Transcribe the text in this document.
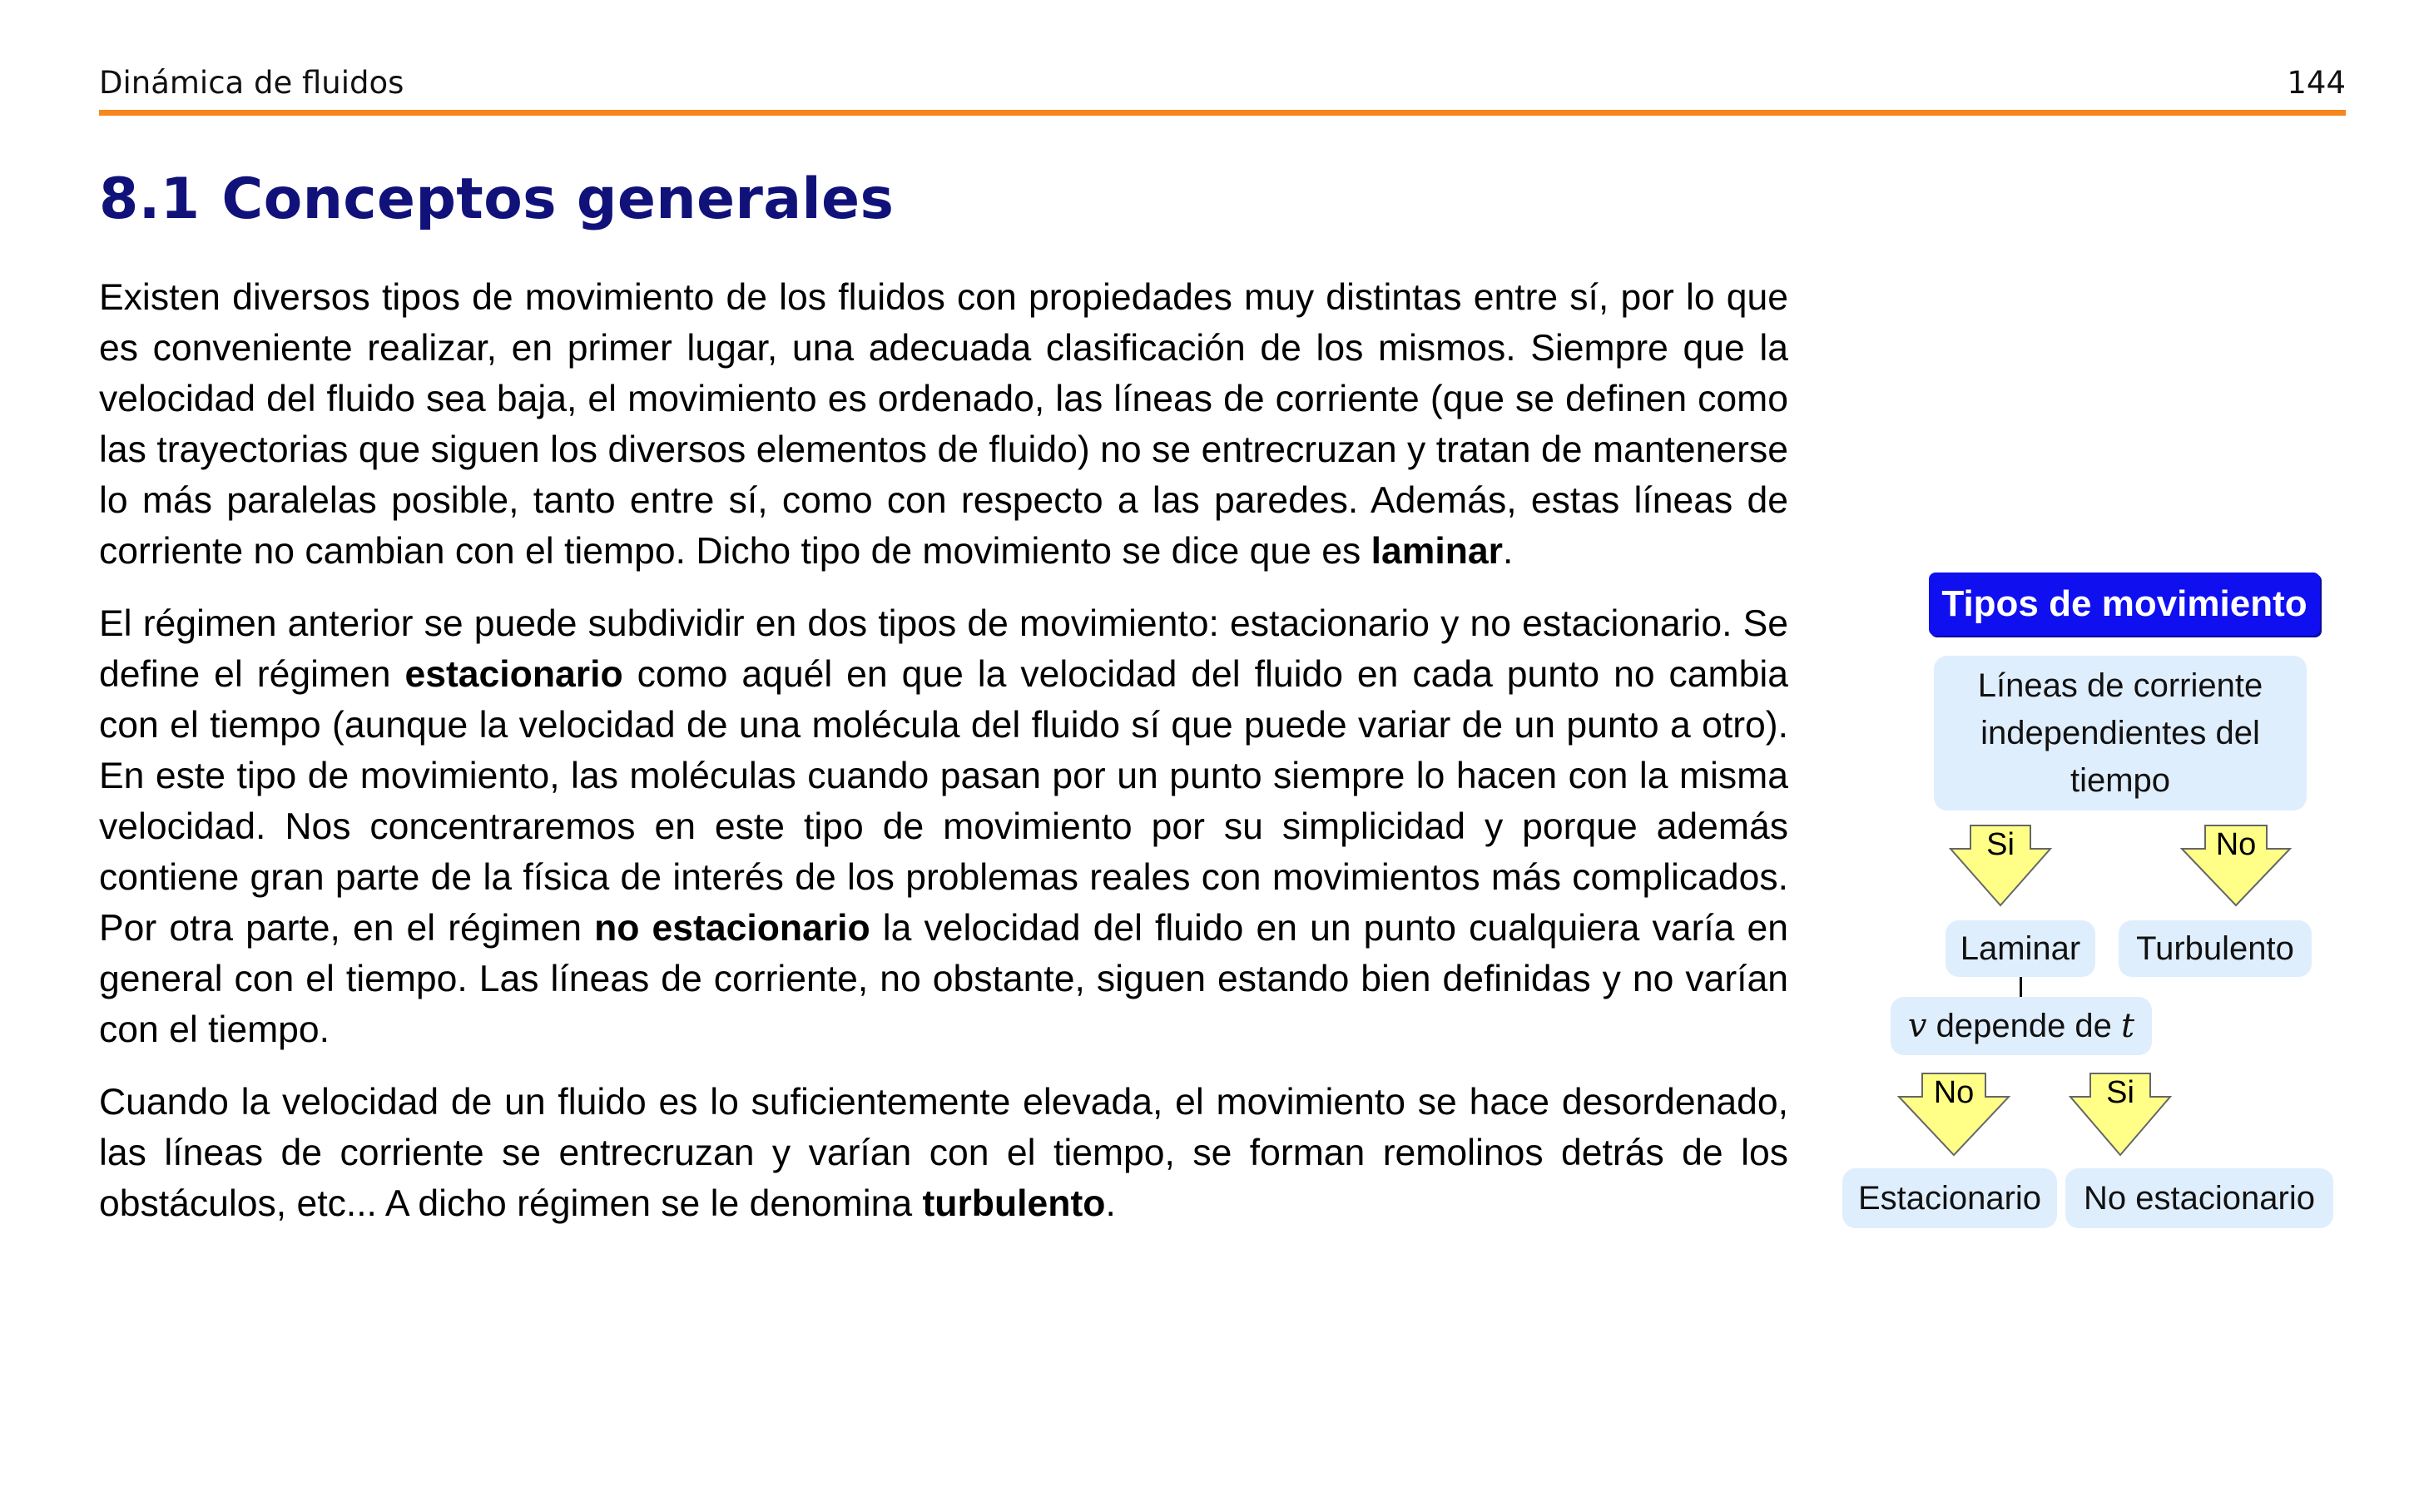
Dinámica de fluidos	144
8.1 Conceptos generales

Existen diversos tipos de movimiento de los fluidos con propiedades muy distintas entre sí, por lo que es conveniente realizar, en primer lugar, una adecuada clasificación de los mismos. Siempre que la velocidad del fluido sea baja, el movimiento es ordenado, las líneas de corriente (que se definen como las trayectorias que siguen los diversos elementos de fluido) no se entrecruzan y tratan de mantenerse lo más paralelas posible, tanto entre sí, como con respecto a las paredes. Además, estas líneas de corriente no cambian con el tiempo. Dicho tipo de movimiento se dice que es laminar.

El régimen anterior se puede subdividir en dos tipos de movimiento: estacionario y no estacionario. Se define el régimen estacionario como aquél en que la velocidad del fluido en cada punto no cambia con el tiempo (aunque la velocidad de una molécula del fluido sí que puede variar de un punto a otro). En este tipo de movimiento, las moléculas cuando pasan por un punto siempre lo hacen con la misma velocidad. Nos concentraremos en este tipo de movimiento por su simplicidad y porque además contiene gran parte de la física de interés de los problemas reales con movimientos más complicados. Por otra parte, en el régimen no estacionario la velocidad del fluido en un punto cualquiera varía en general con el tiempo. Las líneas de corriente, no obstante, siguen estando bien definidas y no varían con el tiempo.

Cuando la velocidad de un fluido es lo suficientemente elevada, el movimiento se hace desordenado, las líneas de corriente se entrecruzan y varían con el tiempo, se forman remolinos detrás de los obstáculos, etc... A dicho régimen se le denomina turbulento.

Tipos de movimiento
Líneas de corriente independientes del tiempo
Si	No
Laminar	Turbulento
v depende de t
No	Si
Estacionario	No estacionario
